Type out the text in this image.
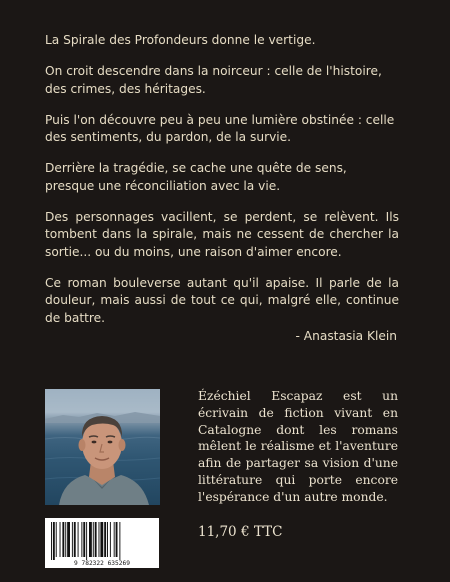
La Spirale des Profondeurs donne le vertige.

On croit descendre dans la noirceur : celle de l'histoire, des crimes, des héritages.

Puis l'on découvre peu à peu une lumière obstinée : celle des sentiments, du pardon, de la survie.

Derrière la tragédie, se cache une quête de sens, presque une réconciliation avec la vie.

Des personnages vacillent, se perdent, se relèvent. Ils tombent dans la spirale, mais ne cessent de chercher la sortie... ou du moins, une raison d'aimer encore.

Ce roman bouleverse autant qu'il apaise. Il parle de la douleur, mais aussi de tout ce qui, malgré elle, continue de battre.

- Anastasia Klein
Ézéchiel Escapaz est un écrivain de fiction vivant en Catalogne dont les romans mêlent le réalisme et l'aventure afin de partager sa vision d'une littérature qui porte encore l'espérance d'un autre monde.
9 782322 635269
11,70 € TTC
